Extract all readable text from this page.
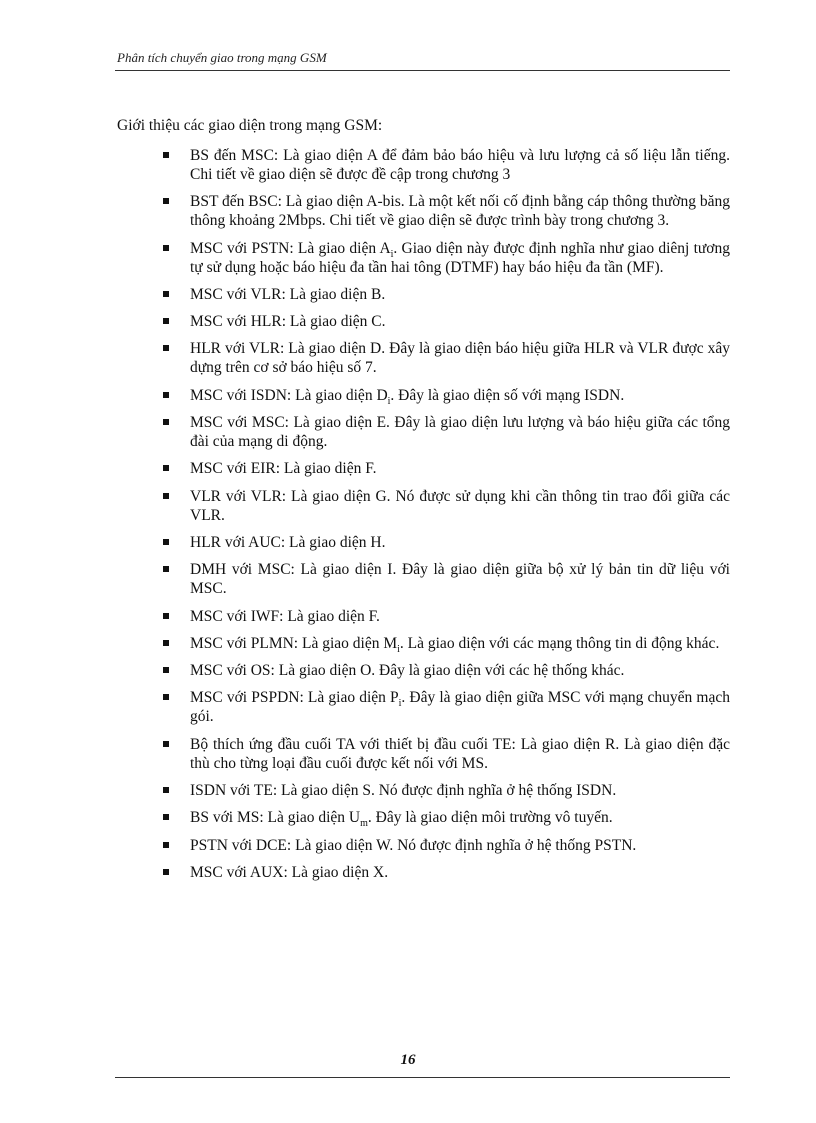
Phân tích chuyển giao trong mạng GSM
Giới thiệu các giao diện trong mạng GSM:
BS đến MSC: Là giao diện A để đảm bảo báo hiệu và lưu lượng cả số liệu lẫn tiếng. Chi tiết về giao diện sẽ được đề cập trong chương 3
BST đến BSC: Là giao diện A-bis. Là một kết nối cố định bằng cáp thông thường băng thông khoảng 2Mbps. Chi tiết về giao diện sẽ được trình bày trong chương 3.
MSC với PSTN: Là giao diện $A_i$. Giao diện này được định nghĩa như giao diênj tương tự sử dụng hoặc báo hiệu đa tần hai tông (DTMF) hay báo hiệu đa tần (MF).
MSC với VLR: Là giao diện B.
MSC với HLR: Là giao diện C.
HLR với VLR: Là giao diện D. Đây là giao diện báo hiệu giữa HLR và VLR được xây dựng trên cơ sở báo hiệu số 7.
MSC với ISDN: Là giao diện $D_i$. Đây là giao diện số với mạng ISDN.
MSC với MSC: Là giao diện E. Đây là giao diện lưu lượng và báo hiệu giữa các tổng đài của mạng di động.
MSC với EIR: Là giao diện F.
VLR với VLR: Là giao diện G. Nó được sử dụng khi cần thông tin trao đổi giữa các VLR.
HLR với AUC: Là giao diện H.
DMH với MSC: Là giao diện I. Đây là giao diện giữa bộ xử lý bản tin dữ liệu với MSC.
MSC với IWF: Là giao diện F.
MSC với PLMN: Là giao diện $M_i$. Là giao diện với các mạng thông tin di động khác.
MSC với OS: Là giao diện O. Đây là giao diện với các hệ thống khác.
MSC với PSPDN: Là giao diện $P_i$. Đây là giao diện giữa MSC với mạng chuyển mạch gói.
Bộ thích ứng đầu cuối TA với thiết bị đầu cuối TE: Là giao diện R. Là giao diện đặc thù cho từng loại đầu cuối được kết nối với MS.
ISDN với TE: Là giao diện S. Nó được định nghĩa ở hệ thống ISDN.
BS với MS: Là giao diện $U_m$. Đây là giao diện môi trường vô tuyến.
PSTN với DCE: Là giao diện W. Nó được định nghĩa ở hệ thống PSTN.
MSC với AUX: Là giao diện X.
16
